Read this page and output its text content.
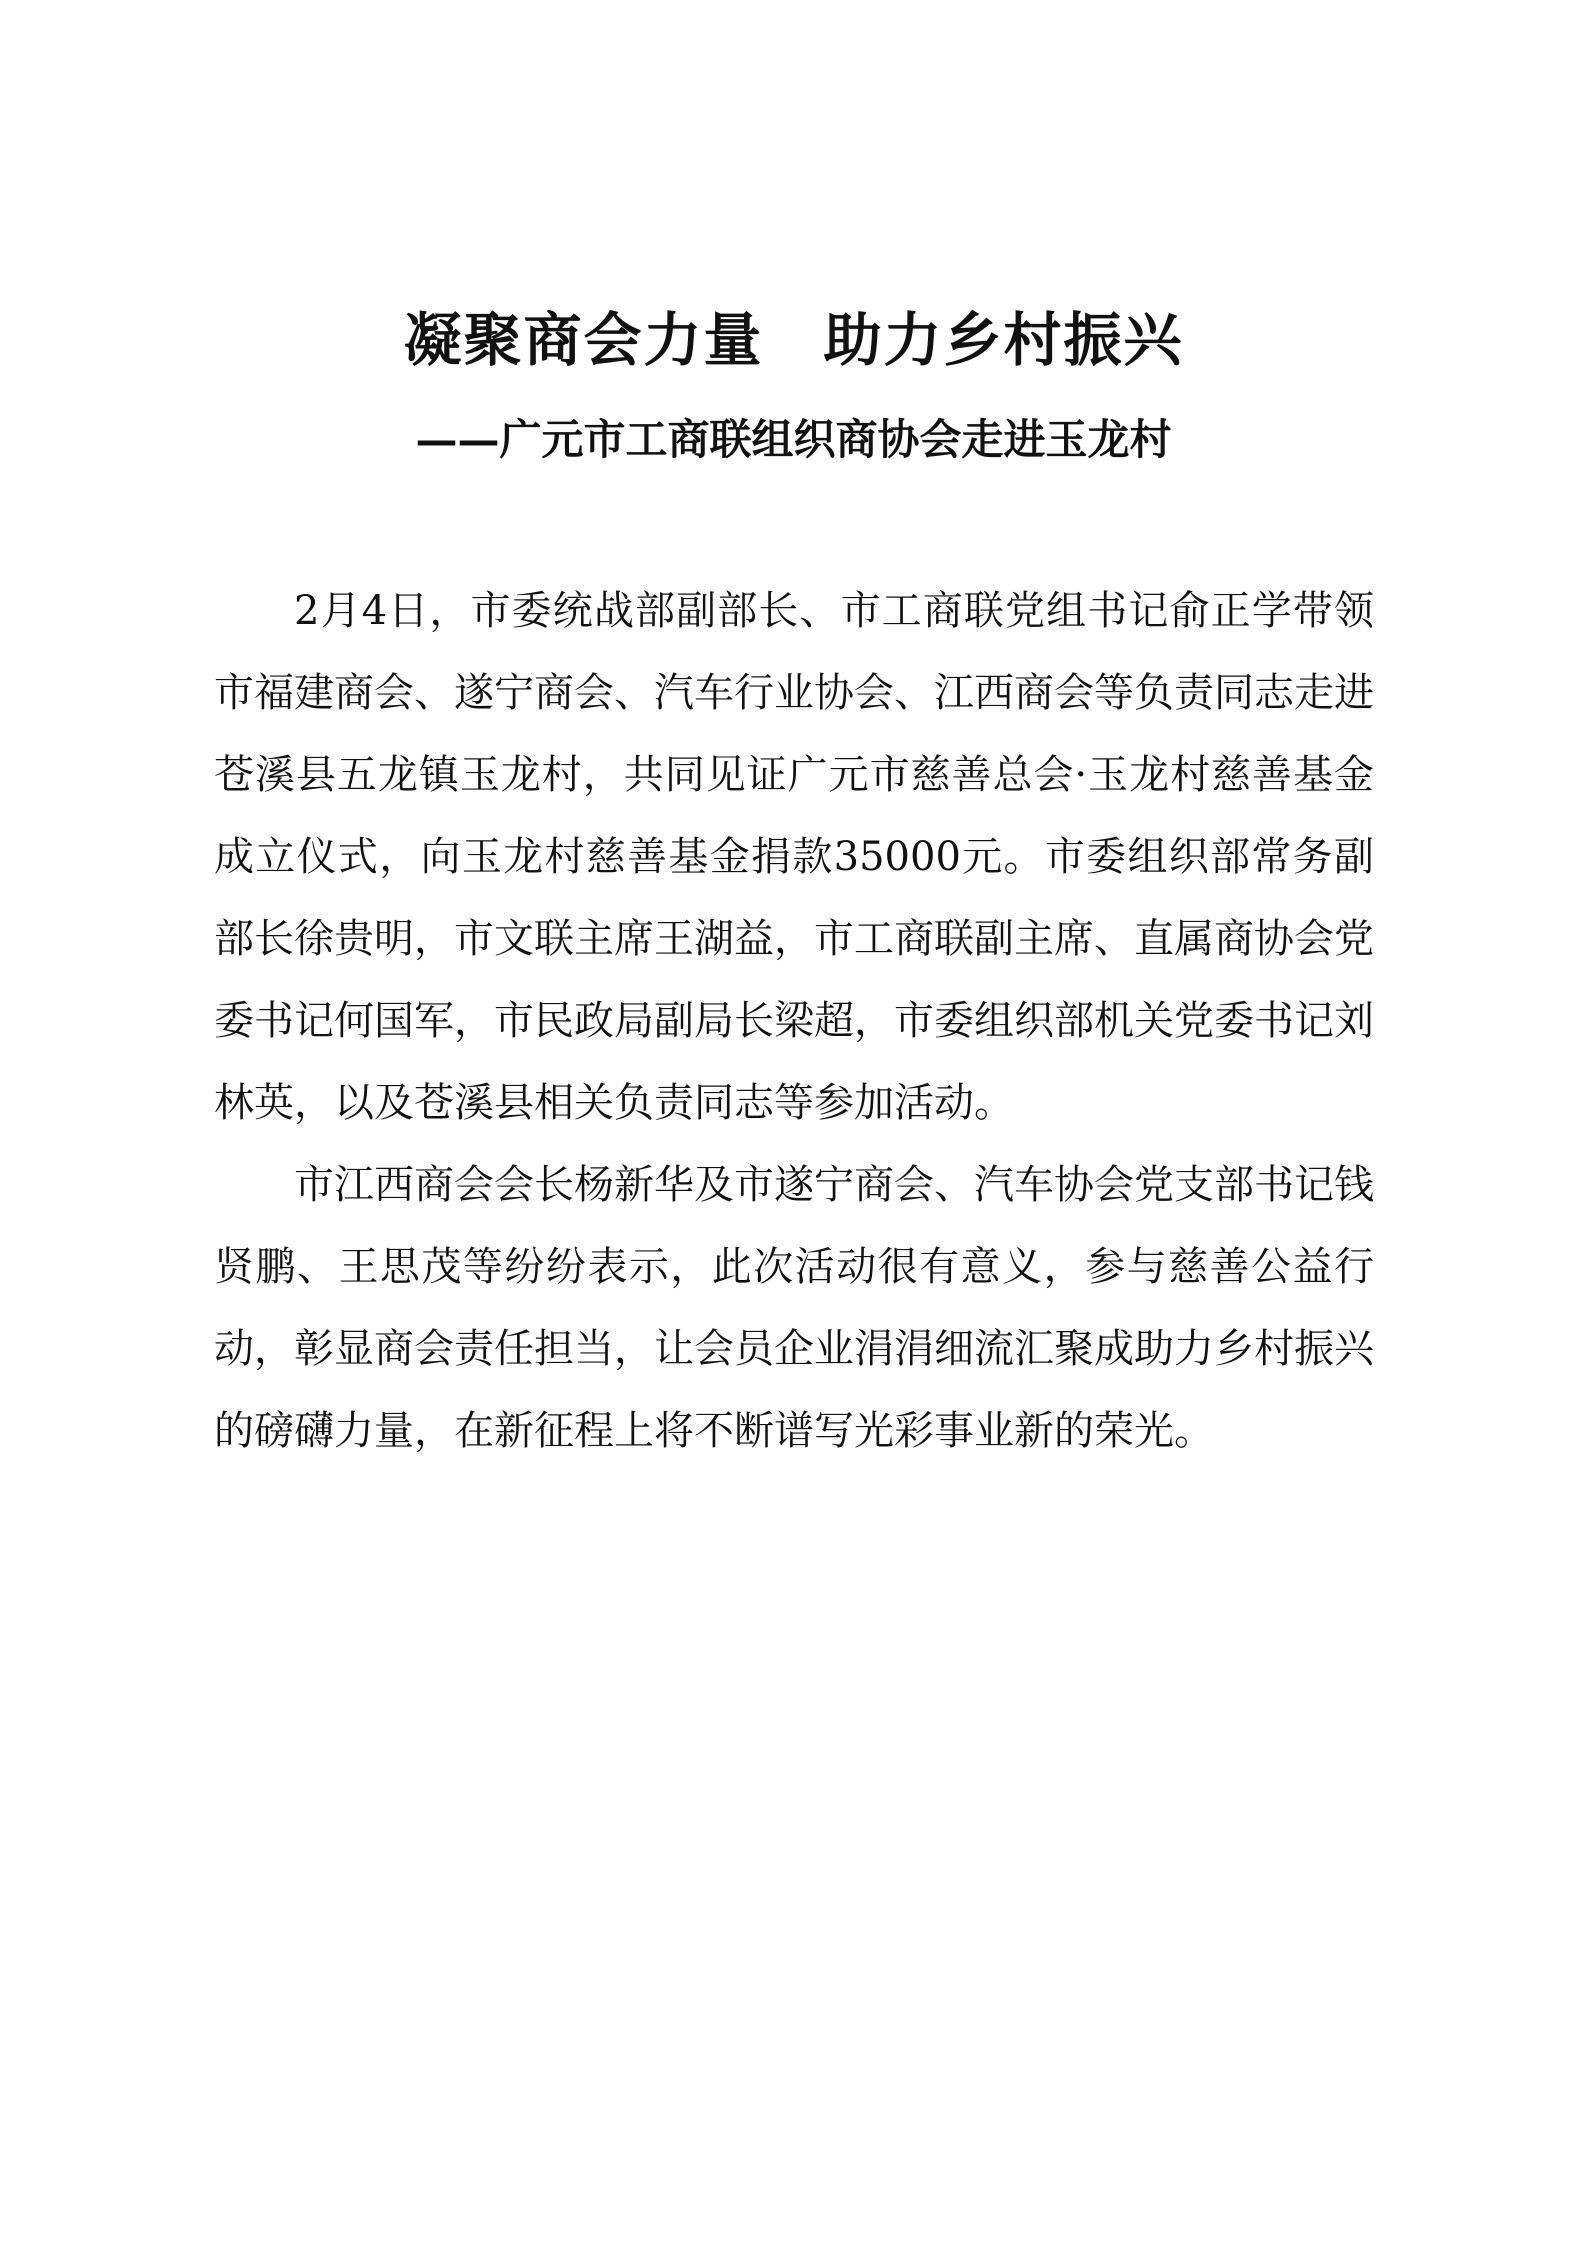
凝聚商会力量　助力乡村振兴
——广元市工商联组织商协会走进玉龙村

2月4日，市委统战部副部长、市工商联党组书记俞正学带领市福建商会、遂宁商会、汽车行业协会、江西商会等负责同志走进苍溪县五龙镇玉龙村，共同见证广元市慈善总会·玉龙村慈善基金成立仪式，向玉龙村慈善基金捐款35000元。市委组织部常务副部长徐贵明，市文联主席王湖益，市工商联副主席、直属商协会党委书记何国军，市民政局副局长梁超，市委组织部机关党委书记刘林英，以及苍溪县相关负责同志等参加活动。

市江西商会会长杨新华及市遂宁商会、汽车协会党支部书记钱贤鹏、王思茂等纷纷表示，此次活动很有意义，参与慈善公益行动，彰显商会责任担当，让会员企业涓涓细流汇聚成助力乡村振兴的磅礴力量，在新征程上将不断谱写光彩事业新的荣光。
